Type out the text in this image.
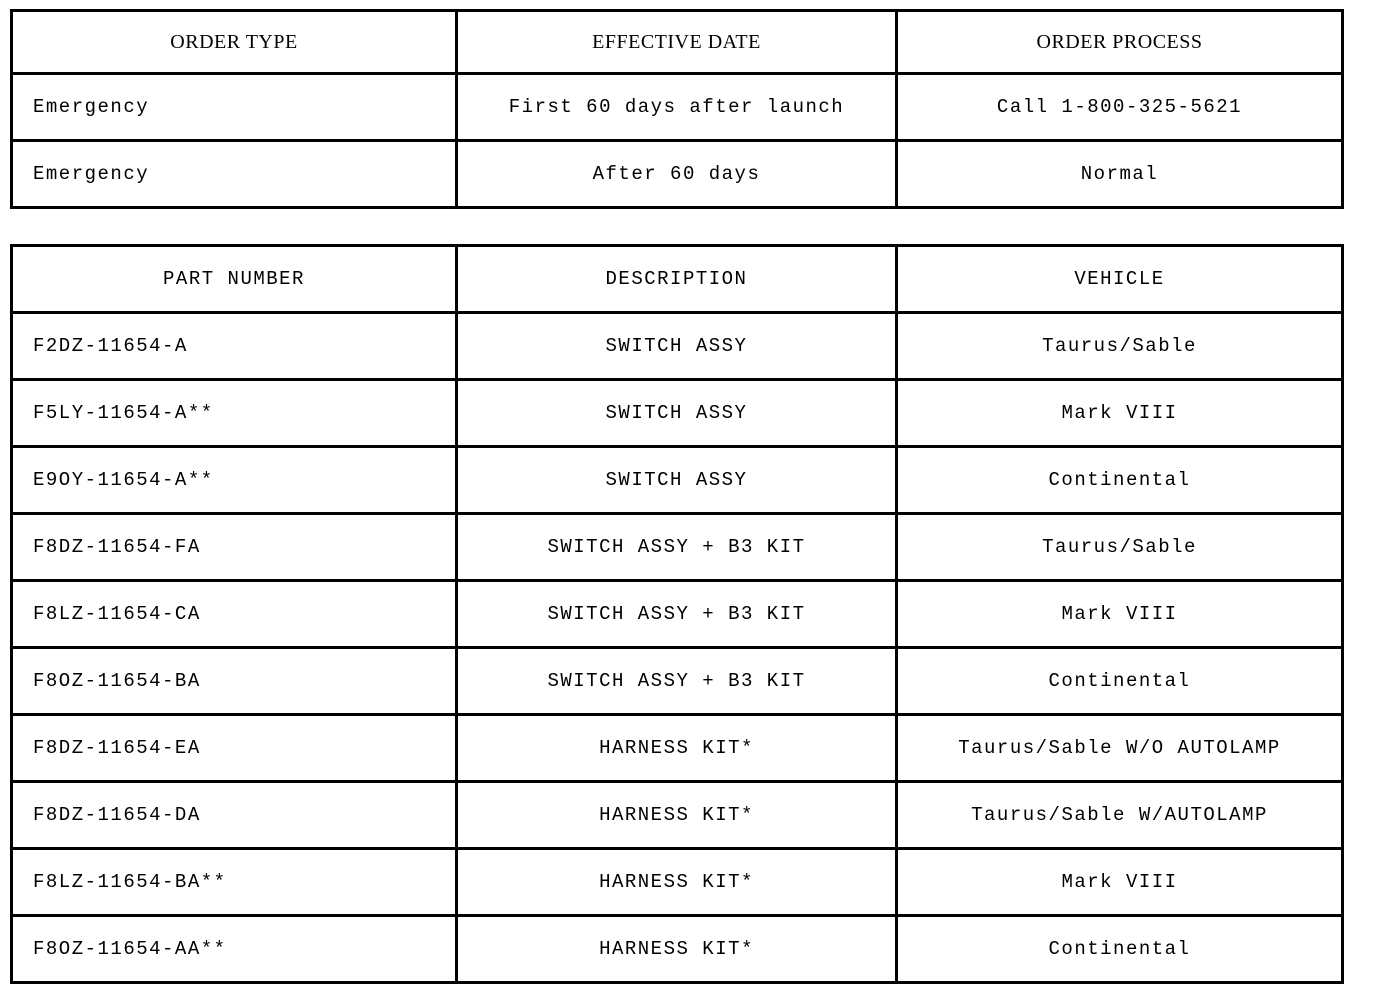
ORDER TYPE	EFFECTIVE DATE	ORDER PROCESS
Emergency	First 60 days after launch	Call 1-800-325-5621
Emergency	After 60 days	Normal
PART NUMBER	DESCRIPTION	VEHICLE
F2DZ-11654-A	SWITCH ASSY	Taurus/Sable
F5LY-11654-A**	SWITCH ASSY	Mark VIII
E9OY-11654-A**	SWITCH ASSY	Continental
F8DZ-11654-FA	SWITCH ASSY + B3 KIT	Taurus/Sable
F8LZ-11654-CA	SWITCH ASSY + B3 KIT	Mark VIII
F8OZ-11654-BA	SWITCH ASSY + B3 KIT	Continental
F8DZ-11654-EA	HARNESS KIT*	Taurus/Sable W/O AUTOLAMP
F8DZ-11654-DA	HARNESS KIT*	Taurus/Sable W/AUTOLAMP
F8LZ-11654-BA**	HARNESS KIT*	Mark VIII
F8OZ-11654-AA**	HARNESS KIT*	Continental
